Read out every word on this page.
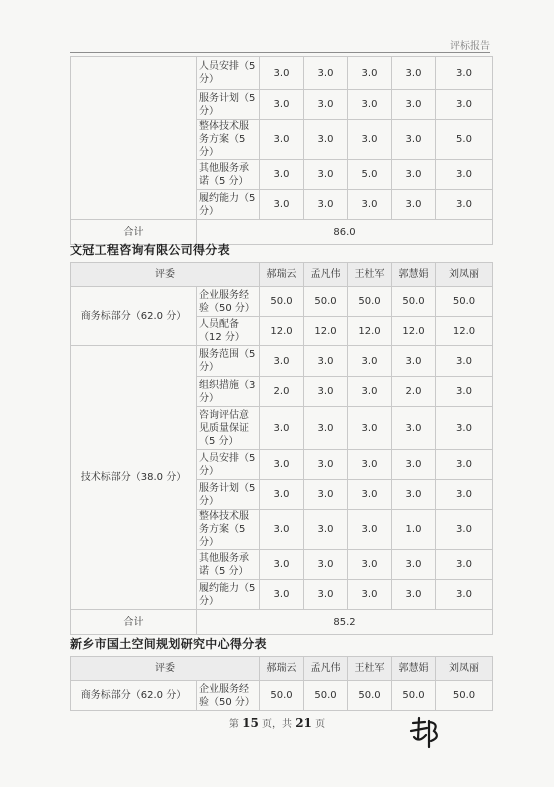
评标报告
	人员安排（5 分）	3.0	3.0	3.0	3.0	3.0
	服务计划（5 分）	3.0	3.0	3.0	3.0	3.0
	整体技术服 务方案（5 分）	3.0	3.0	3.0	3.0	5.0
	其他服务承诺（5 分）	3.0	3.0	5.0	3.0	3.0
	履约能力（5 分）	3.0	3.0	3.0	3.0	3.0
合计	86.0					
文冠工程咨询有限公司得分表
评委		郝瑞云	孟凡伟	王杜军	郭慧娟	刘凤丽
商务标部分（62.0 分）	企业服务经验（50 分）	50.0	50.0	50.0	50.0	50.0
	人员配备（12 分）	12.0	12.0	12.0	12.0	12.0
技术标部分（38.0 分）	服务范围（5 分）	3.0	3.0	3.0	3.0	3.0
	组织措施（3 分）	2.0	3.0	3.0	2.0	3.0
	咨询评估意 见质量保证（5 分）	3.0	3.0	3.0	3.0	3.0
	人员安排（5 分）	3.0	3.0	3.0	3.0	3.0
	服务计划（5 分）	3.0	3.0	3.0	3.0	3.0
	整体技术服 务方案（5 分）	3.0	3.0	3.0	1.0	3.0
	其他服务承诺（5 分）	3.0	3.0	3.0	3.0	3.0
	履约能力（5 分）	3.0	3.0	3.0	3.0	3.0
合计	85.2					
新乡市国土空间规划研究中心得分表
评委		郝瑞云	孟凡伟	王杜军	郭慧娟	刘凤丽
商务标部分（62.0 分）	企业服务经验（50 分）	50.0	50.0	50.0	50.0	50.0
第 15 页，共 21 页
